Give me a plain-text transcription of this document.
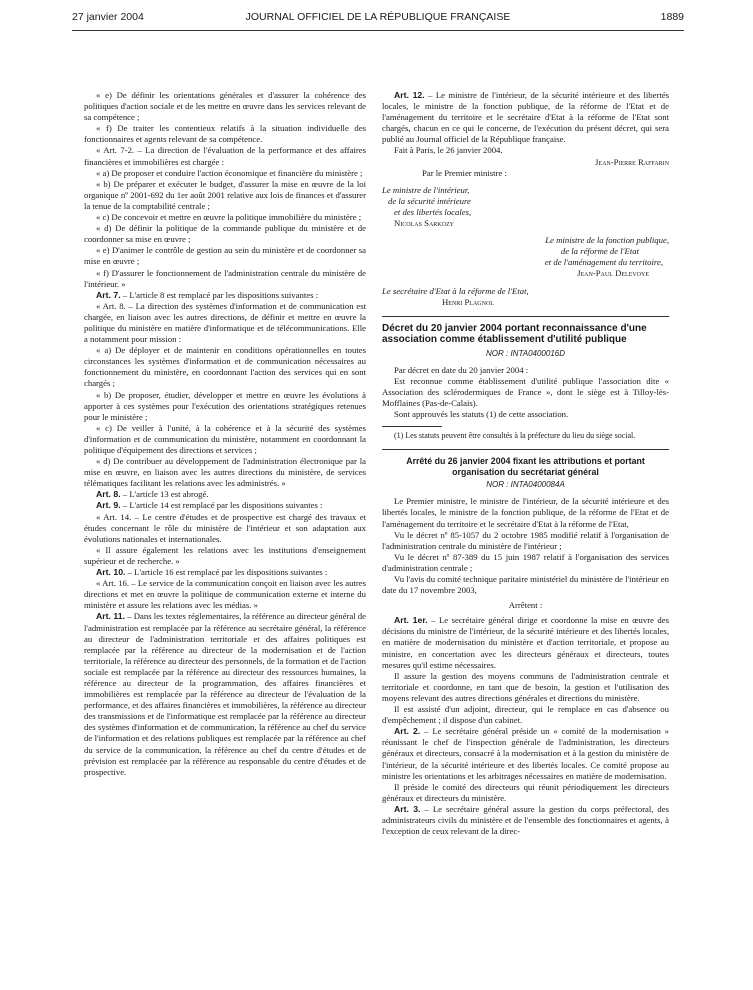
27 janvier 2004	JOURNAL OFFICIEL DE LA RÉPUBLIQUE FRANÇAISE	1889

« e) De définir les orientations générales et d'assurer la cohérence des politiques d'action sociale et de les mettre en œuvre dans les services relevant de sa compétence ;

« f) De traiter les contentieux relatifs à la situation individuelle des fonctionnaires et agents relevant de sa compétence.

« Art. 7-2. – La direction de l'évaluation de la performance et des affaires financières et immobilières est chargée :

« a) De proposer et conduire l'action économique et financière du ministère ;

« b) De préparer et exécuter le budget, d'assurer la mise en œuvre de la loi organique nº 2001-692 du 1er août 2001 relative aux lois de finances et d'assurer la tenue de la comptabilité centrale ;

« c) De concevoir et mettre en œuvre la politique immobilière du ministère ;

« d) De définir la politique de la commande publique du ministère et de coordonner sa mise en œuvre ;

« e) D'animer le contrôle de gestion au sein du ministère et de coordonner sa mise en œuvre ;

« f) D'assurer le fonctionnement de l'administration centrale du ministère de l'intérieur. »

Art. 7. – L'article 8 est remplacé par les dispositions suivantes :

« Art. 8. – La direction des systèmes d'information et de communication est chargée, en liaison avec les autres directions, de définir et mettre en œuvre la politique du ministère en matière d'informatique et de télécommunications. Elle a notamment pour mission :

« a) De déployer et de maintenir en conditions opérationnelles en toutes circonstances les systèmes d'information et de communication nécessaires au fonctionnement du ministère, en coordonnant l'action des services qui en sont chargés ;

« b) De proposer, étudier, développer et mettre en œuvre les évolutions à apporter à ces systèmes pour l'exécution des orientations stratégiques retenues pour le ministère ;

« c) De veiller à l'unité, à la cohérence et à la sécurité des systèmes d'information et de communication du ministère, notamment en coordonnant la politique d'équipement des directions et services ;

« d) De contribuer au développement de l'administration électronique par la mise en œuvre, en liaison avec les autres directions du ministère, de services télématiques facilitant les relations avec les administrés. »

Art. 8. – L'article 13 est abrogé.

Art. 9. – L'article 14 est remplacé par les dispositions suivantes :

« Art. 14. – Le centre d'études et de prospective est chargé des travaux et études concernant le rôle du ministère de l'intérieur et son adaptation aux évolutions nationales et internationales.

« Il assure également les relations avec les institutions d'enseignement supérieur et de recherche. »

Art. 10. – L'article 16 est remplacé par les dispositions suivantes :

« Art. 16. – Le service de la communication conçoit en liaison avec les autres directions et met en œuvre la politique de communication externe et interne du ministère et assure les relations avec les médias. »

Art. 11. – Dans les textes réglementaires, la référence au directeur général de l'administration est remplacée par la référence au secrétaire général, la référence au directeur de l'administration territoriale et des affaires politiques est remplacée par la référence au directeur de la modernisation et de l'action territoriale, la référence au directeur des personnels, de la formation et de l'action sociale est remplacée par la référence au directeur des ressources humaines, la référence au directeur de la programmation, des affaires financières et immobilières est remplacée par la référence au directeur de l'évaluation de la performance, et des affaires financières et immobilières, la référence au directeur des transmissions et de l'informatique est remplacée par la référence au directeur des systèmes d'information et de communication, la référence au chef du service de l'information et des relations publiques est remplacée par la référence au chef du service de la communication, la référence au chef du centre d'études et de prévision est remplacée par la référence au responsable du centre d'études et de prospective.

Art. 12. – Le ministre de l'intérieur, de la sécurité intérieure et des libertés locales, le ministre de la fonction publique, de la réforme de l'Etat et de l'aménagement du territoire et le secrétaire d'Etat à la réforme de l'Etat sont chargés, chacun en ce qui le concerne, de l'exécution du présent décret, qui sera publié au Journal officiel de la République française.

Fait à Paris, le 26 janvier 2004.

Jean-Pierre Raffarin

Par le Premier ministre :

Le ministre de l'intérieur,

de la sécurité intérieure

et des libertés locales,

Nicolas Sarkozy

Le ministre de la fonction publique,

de la réforme de l'Etat

et de l'aménagement du territoire,

Jean-Paul Delevoye

Le secrétaire d'Etat à la réforme de l'Etat,

Henri Plagnol

Décret du 20 janvier 2004 portant reconnaissance d'une association comme établissement d'utilité publique

NOR : INTA0400016D

Par décret en date du 20 janvier 2004 :

Est reconnue comme établissement d'utilité publique l'association dite « Association des sclérodermiques de France », dont le siège est à Tilloy-lès-Mofflaines (Pas-de-Calais).

Sont approuvés les statuts (1) de cette association.

(1) Les statuts peuvent être consultés à la préfecture du lieu du siège social.

Arrêté du 26 janvier 2004 fixant les attributions et portant organisation du secrétariat général

NOR : INTA0400084A

Le Premier ministre, le ministre de l'intérieur, de la sécurité intérieure et des libertés locales, le ministre de la fonction publique, de la réforme de l'Etat et de l'aménagement du territoire et le secrétaire d'Etat à la réforme de l'Etat,

Vu le décret nº 85-1057 du 2 octobre 1985 modifié relatif à l'organisation de l'administration centrale du ministère de l'intérieur ;

Vu le décret nº 87-389 du 15 juin 1987 relatif à l'organisation des services d'administration centrale ;

Vu l'avis du comité technique paritaire ministériel du ministère de l'intérieur en date du 17 novembre 2003,

Arrêtent :

Art. 1er. – Le secrétaire général dirige et coordonne la mise en œuvre des décisions du ministre de l'intérieur, de la sécurité intérieure et des libertés locales, en matière de modernisation du ministère et d'action territoriale, et propose au ministre, en concertation avec les directeurs généraux et directeurs, toutes mesures qu'il estime nécessaires.

Il assure la gestion des moyens communs de l'administration centrale et territoriale et coordonne, en tant que de besoin, la gestion et l'utilisation des moyens relevant des autres directions générales et directions du ministère.

Il est assisté d'un adjoint, directeur, qui le remplace en cas d'absence ou d'empêchement ; il dispose d'un cabinet.

Art. 2. – Le secrétaire général préside un « comité de la modernisation » réunissant le chef de l'inspection générale de l'administration, les directeurs généraux et directeurs, consacré à la modernisation et à la gestion du ministère de l'intérieur, de la sécurité intérieure et des libertés locales. Ce comité propose au ministre les orientations et les arbitrages nécessaires en matière de modernisation.

Il préside le comité des directeurs qui réunit périodiquement les directeurs généraux et directeurs du ministère.

Art. 3. – Le secrétaire général assure la gestion du corps préfectoral, des administrateurs civils du ministère et de l'ensemble des fonctionnaires et agents, à l'exception de ceux relevant de la direc-
